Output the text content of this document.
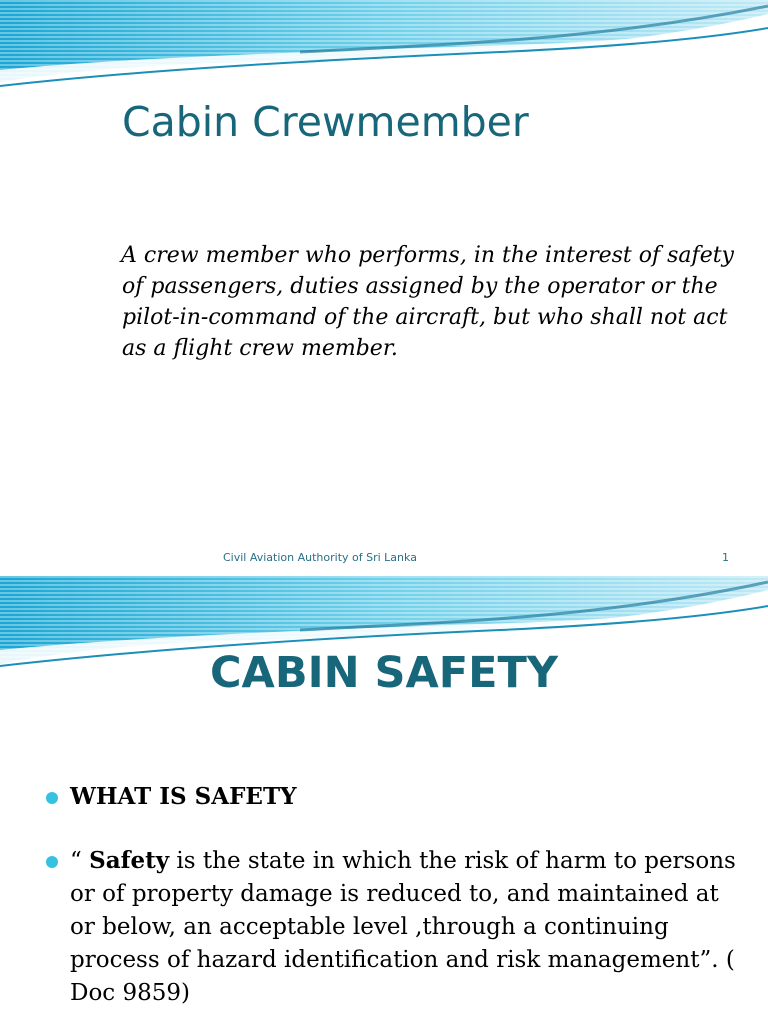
Cabin Crewmember

A crew member who performs, in the interest of safety of passengers, duties assigned by the operator or the pilot-in-command of the aircraft, but who shall not act as a flight crew member.

Civil Aviation Authority of Sri Lanka	1
CABIN SAFETY
WHAT IS SAFETY
“ Safety is the state in which the risk of harm to persons or of property damage is reduced to, and maintained at or below, an acceptable level ,through a continuing process of hazard identification and risk management”. ( Doc 9859)
